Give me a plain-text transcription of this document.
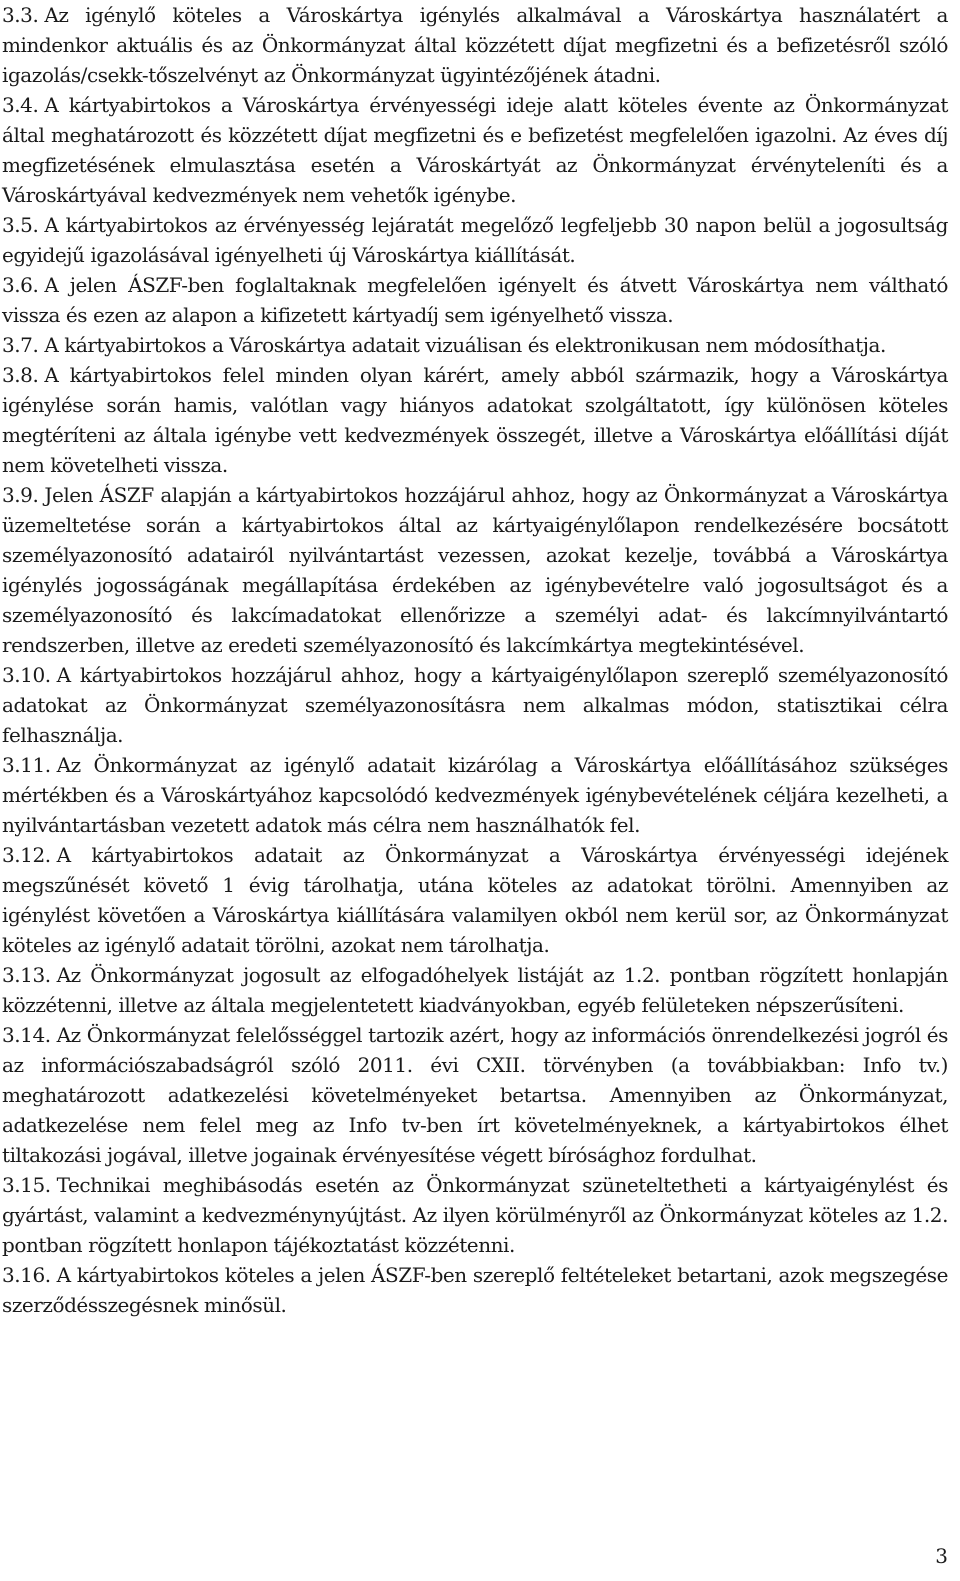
3.3. Az igénylő köteles a Városkártya igénylés alkalmával a Városkártya használatért a mindenkor aktuális és az Önkormányzat által közzétett díjat megfizetni és a befizetésről szóló igazolás/csekk-tőszelvényt az Önkormányzat ügyintézőjének átadni.

3.4. A kártyabirtokos a Városkártya érvényességi ideje alatt köteles évente az Önkormányzat által meghatározott és közzétett díjat megfizetni és e befizetést megfelelően igazolni. Az éves díj megfizetésének elmulasztása esetén a Városkártyát az Önkormányzat érvényteleníti és a Városkártyával kedvezmények nem vehetők igénybe.

3.5. A kártyabirtokos az érvényesség lejáratát megelőző legfeljebb 30 napon belül a jogosultság egyidejű igazolásával igényelheti új Városkártya kiállítását.

3.6. A jelen ÁSZF-ben foglaltaknak megfelelően igényelt és átvett Városkártya nem váltható vissza és ezen az alapon a kifizetett kártyadíj sem igényelhető vissza.

3.7. A kártyabirtokos a Városkártya adatait vizuálisan és elektronikusan nem módosíthatja.

3.8. A kártyabirtokos felel minden olyan kárért, amely abból származik, hogy a Városkártya igénylése során hamis, valótlan vagy hiányos adatokat szolgáltatott, így különösen köteles megtéríteni az általa igénybe vett kedvezmények összegét, illetve a Városkártya előállítási díját nem követelheti vissza.

3.9. Jelen ÁSZF alapján a kártyabirtokos hozzájárul ahhoz, hogy az Önkormányzat a Városkártya üzemeltetése során a kártyabirtokos által az kártyaigénylőlapon rendelkezésére bocsátott személyazonosító adatairól nyilvántartást vezessen, azokat kezelje, továbbá a Városkártya igénylés jogosságának megállapítása érdekében az igénybevételre való jogosultságot és a személyazonosító és lakcímadatokat ellenőrizze a személyi adat- és lakcímnyilvántartó rendszerben, illetve az eredeti személyazonosító és lakcímkártya megtekintésével.

3.10. A kártyabirtokos hozzájárul ahhoz, hogy a kártyaigénylőlapon szereplő személyazonosító adatokat az Önkormányzat személyazonosításra nem alkalmas módon, statisztikai célra felhasználja.

3.11. Az Önkormányzat az igénylő adatait kizárólag a Városkártya előállításához szükséges mértékben és a Városkártyához kapcsolódó kedvezmények igénybevételének céljára kezelheti, a nyilvántartásban vezetett adatok más célra nem használhatók fel.

3.12. A kártyabirtokos adatait az Önkormányzat a Városkártya érvényességi idejének megszűnését követő 1 évig tárolhatja, utána köteles az adatokat törölni. Amennyiben az igénylést követően a Városkártya kiállítására valamilyen okból nem kerül sor, az Önkormányzat köteles az igénylő adatait törölni, azokat nem tárolhatja.

3.13. Az Önkormányzat jogosult az elfogadóhelyek listáját az 1.2. pontban rögzített honlapján közzétenni, illetve az általa megjelentetett kiadványokban, egyéb felületeken népszerűsíteni.

3.14. Az Önkormányzat felelősséggel tartozik azért, hogy az információs önrendelkezési jogról és az információszabadságról szóló 2011. évi CXII. törvényben (a továbbiakban: Info tv.) meghatározott adatkezelési követelményeket betartsa. Amennyiben az Önkormányzat, adatkezelése nem felel meg az Info tv-ben írt követelményeknek, a kártyabirtokos élhet tiltakozási jogával, illetve jogainak érvényesítése végett bírósághoz fordulhat.

3.15. Technikai meghibásodás esetén az Önkormányzat szüneteltetheti a kártyaigénylést és gyártást, valamint a kedvezménynyújtást. Az ilyen körülményről az Önkormányzat köteles az 1.2. pontban rögzített honlapon tájékoztatást közzétenni.

3.16. A kártyabirtokos köteles a jelen ÁSZF-ben szereplő feltételeket betartani, azok megszegése szerződésszegésnek minősül.

3
